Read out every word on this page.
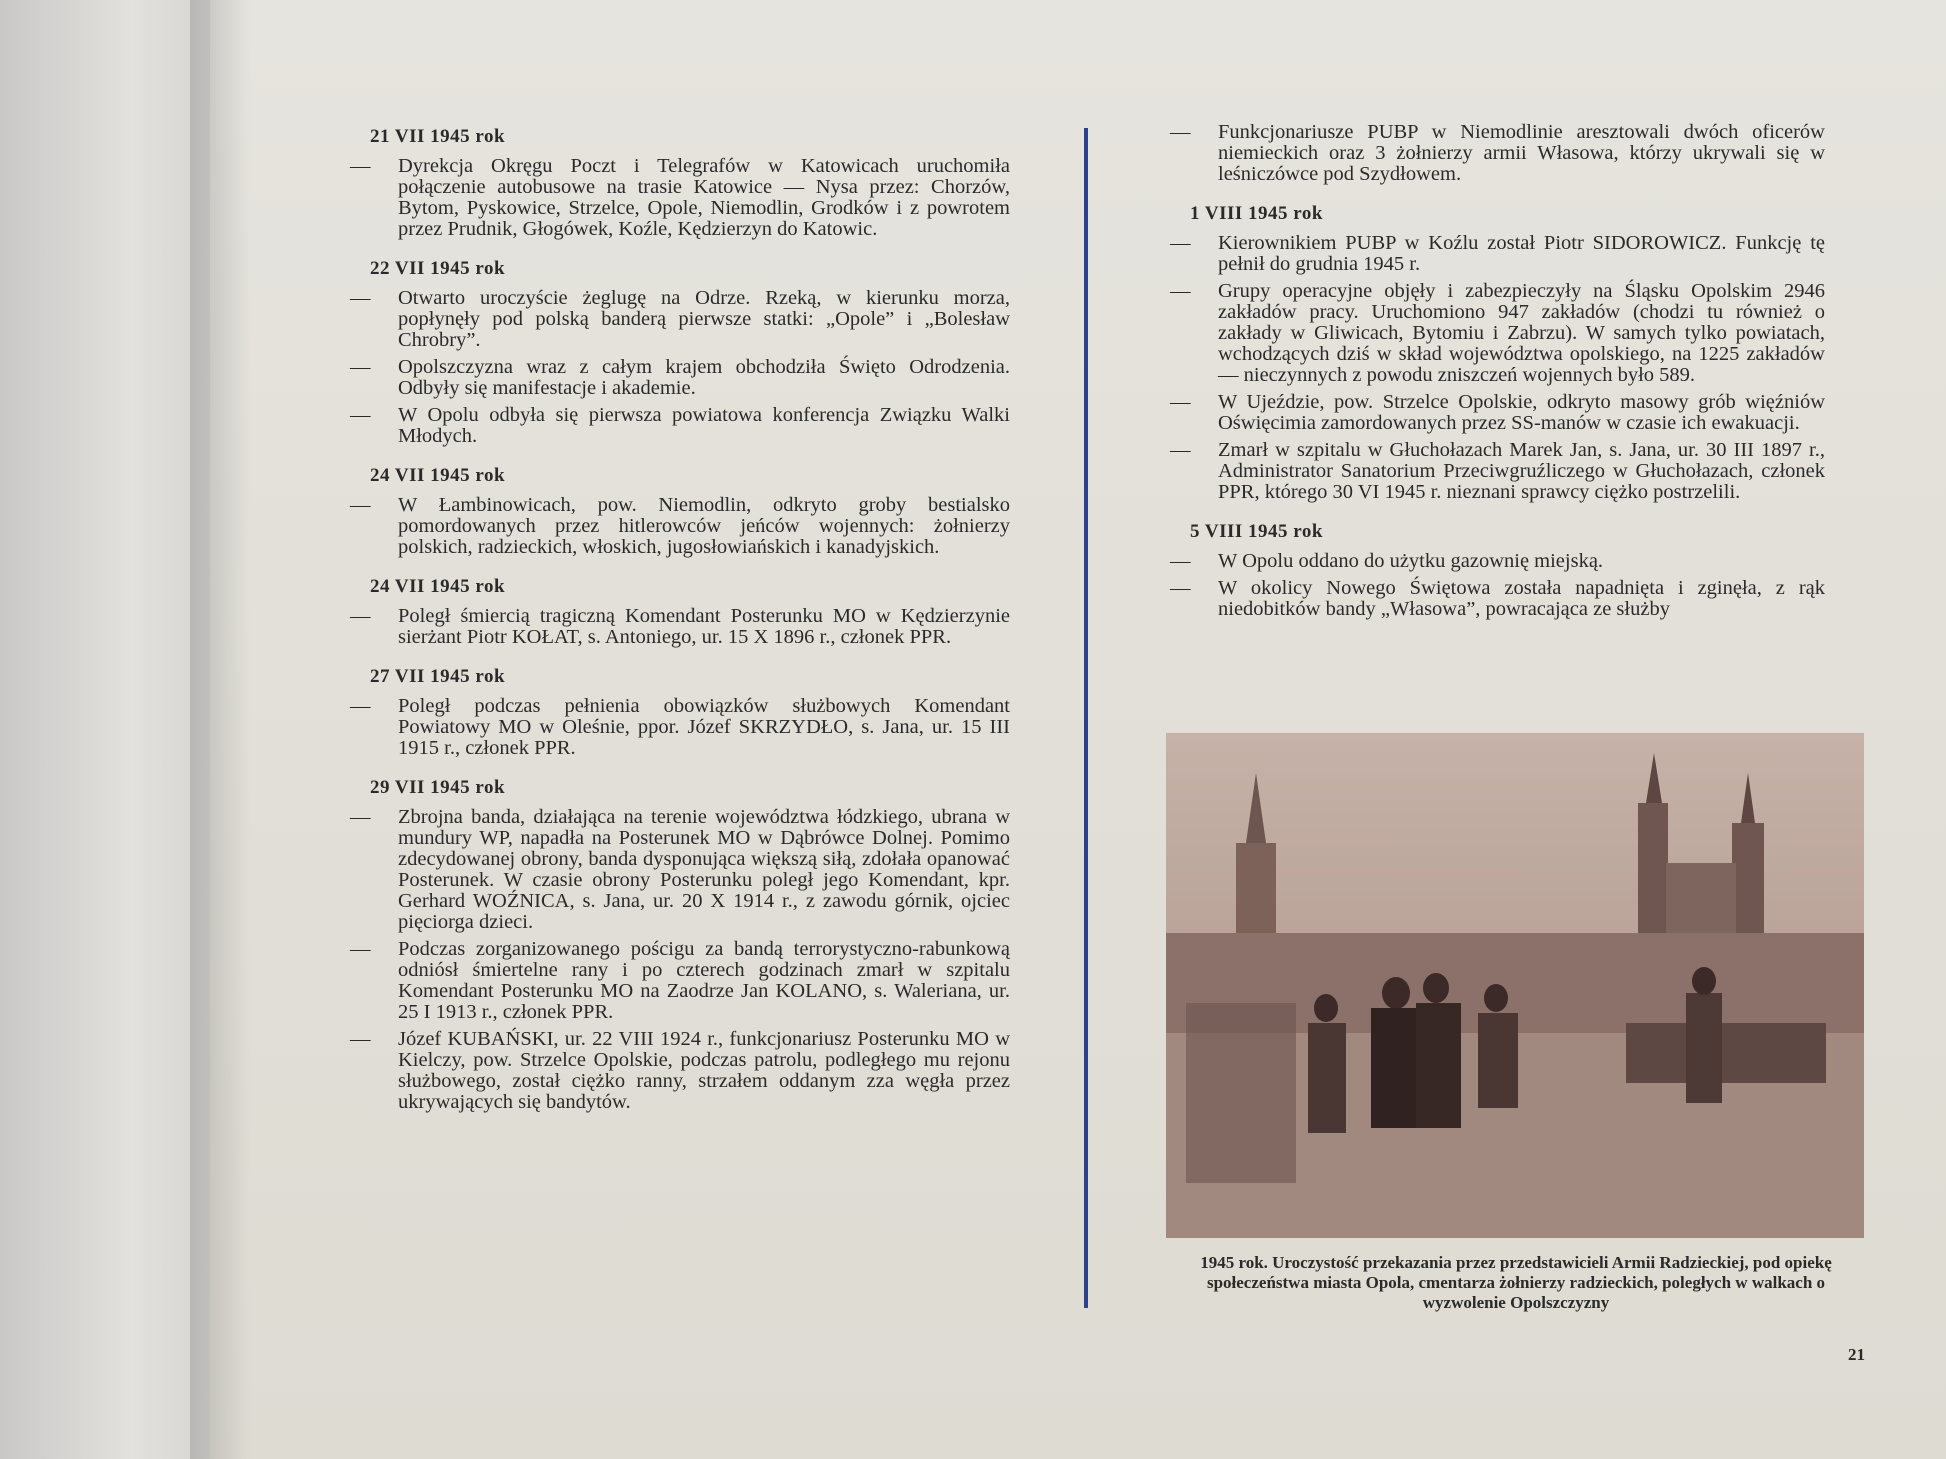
21 VII 1945 rok
— Dyrekcja Okręgu Poczt i Telegrafów w Katowicach uruchomiła połączenie autobusowe na trasie Katowice — Nysa przez: Chorzów, Bytom, Pyskowice, Strzelce, Opole, Niemodlin, Grodków i z powrotem przez Prudnik, Głogówek, Koźle, Kędzierzyn do Katowic.
22 VII 1945 rok
— Otwarto uroczyście żeglugę na Odrze. Rzeką, w kierunku morza, popłynęły pod polską banderą pierwsze statki: „Opole” i „Bolesław Chrobry”.
— Opolszczyzna wraz z całym krajem obchodziła Święto Odrodzenia. Odbyły się manifestacje i akademie.
— W Opolu odbyła się pierwsza powiatowa konferencja Związku Walki Młodych.
24 VII 1945 rok
— W Łambinowicach, pow. Niemodlin, odkryto groby bestialsko pomordowanych przez hitlerowców jeńców wojennych: żołnierzy polskich, radzieckich, włoskich, jugosłowiańskich i kanadyjskich.
24 VII 1945 rok
— Poległ śmiercią tragiczną Komendant Posterunku MO w Kędzierzynie sierżant Piotr KOŁAT, s. Antoniego, ur. 15 X 1896 r., członek PPR.
27 VII 1945 rok
— Poległ podczas pełnienia obowiązków służbowych Komendant Powiatowy MO w Oleśnie, ppor. Józef SKRZYDŁO, s. Jana, ur. 15 III 1915 r., członek PPR.
29 VII 1945 rok
— Zbrojna banda, działająca na terenie województwa łódzkiego, ubrana w mundury WP, napadła na Posterunek MO w Dąbrówce Dolnej. Pomimo zdecydowanej obrony, banda dysponująca większą siłą, zdołała opanować Posterunek. W czasie obrony Posterunku poległ jego Komendant, kpr. Gerhard WOŹNICA, s. Jana, ur. 20 X 1914 r., z zawodu górnik, ojciec pięciorga dzieci.
— Podczas zorganizowanego pościgu za bandą terrorystyczno-rabunkową odniósł śmiertelne rany i po czterech godzinach zmarł w szpitalu Komendant Posterunku MO na Zaodrze Jan KOLANO, s. Waleriana, ur. 25 I 1913 r., członek PPR.
— Józef KUBAŃSKI, ur. 22 VIII 1924 r., funkcjonariusz Posterunku MO w Kielczy, pow. Strzelce Opolskie, podczas patrolu, podległego mu rejonu służbowego, został ciężko ranny, strzałem oddanym zza węgła przez ukrywających się bandytów.
— Funkcjonariusze PUBP w Niemodlinie aresztowali dwóch oficerów niemieckich oraz 3 żołnierzy armii Własowa, którzy ukrywali się w leśniczówce pod Szydłowem.
1 VIII 1945 rok
— Kierownikiem PUBP w Koźlu został Piotr SIDOROWICZ. Funkcję tę pełnił do grudnia 1945 r.
— Grupy operacyjne objęły i zabezpieczyły na Śląsku Opolskim 2946 zakładów pracy. Uruchomiono 947 zakładów (chodzi tu również o zakłady w Gliwicach, Bytomiu i Zabrzu). W samych tylko powiatach, wchodzących dziś w skład województwa opolskiego, na 1225 zakładów — nieczynnych z powodu zniszczeń wojennych było 589.
— W Ujeździe, pow. Strzelce Opolskie, odkryto masowy grób więźniów Oświęcimia zamordowanych przez SS-manów w czasie ich ewakuacji.
— Zmarł w szpitalu w Głuchołazach Marek Jan, s. Jana, ur. 30 III 1897 r., Administrator Sanatorium Przeciwgruźliczego w Głuchołazach, członek PPR, którego 30 VI 1945 r. nieznani sprawcy ciężko postrzelili.
5 VIII 1945 rok
— W Opolu oddano do użytku gazownię miejską.
— W okolicy Nowego Świętowa została napadnięta i zginęła, z rąk niedobitków bandy „Własowa”, powracająca ze służby
1945 rok. Uroczystość przekazania przez przedstawicieli Armii Radzieckiej, pod opiekę społeczeństwa miasta Opola, cmentarza żołnierzy radzieckich, poległych w walkach o wyzwolenie Opolszczyzny
21
